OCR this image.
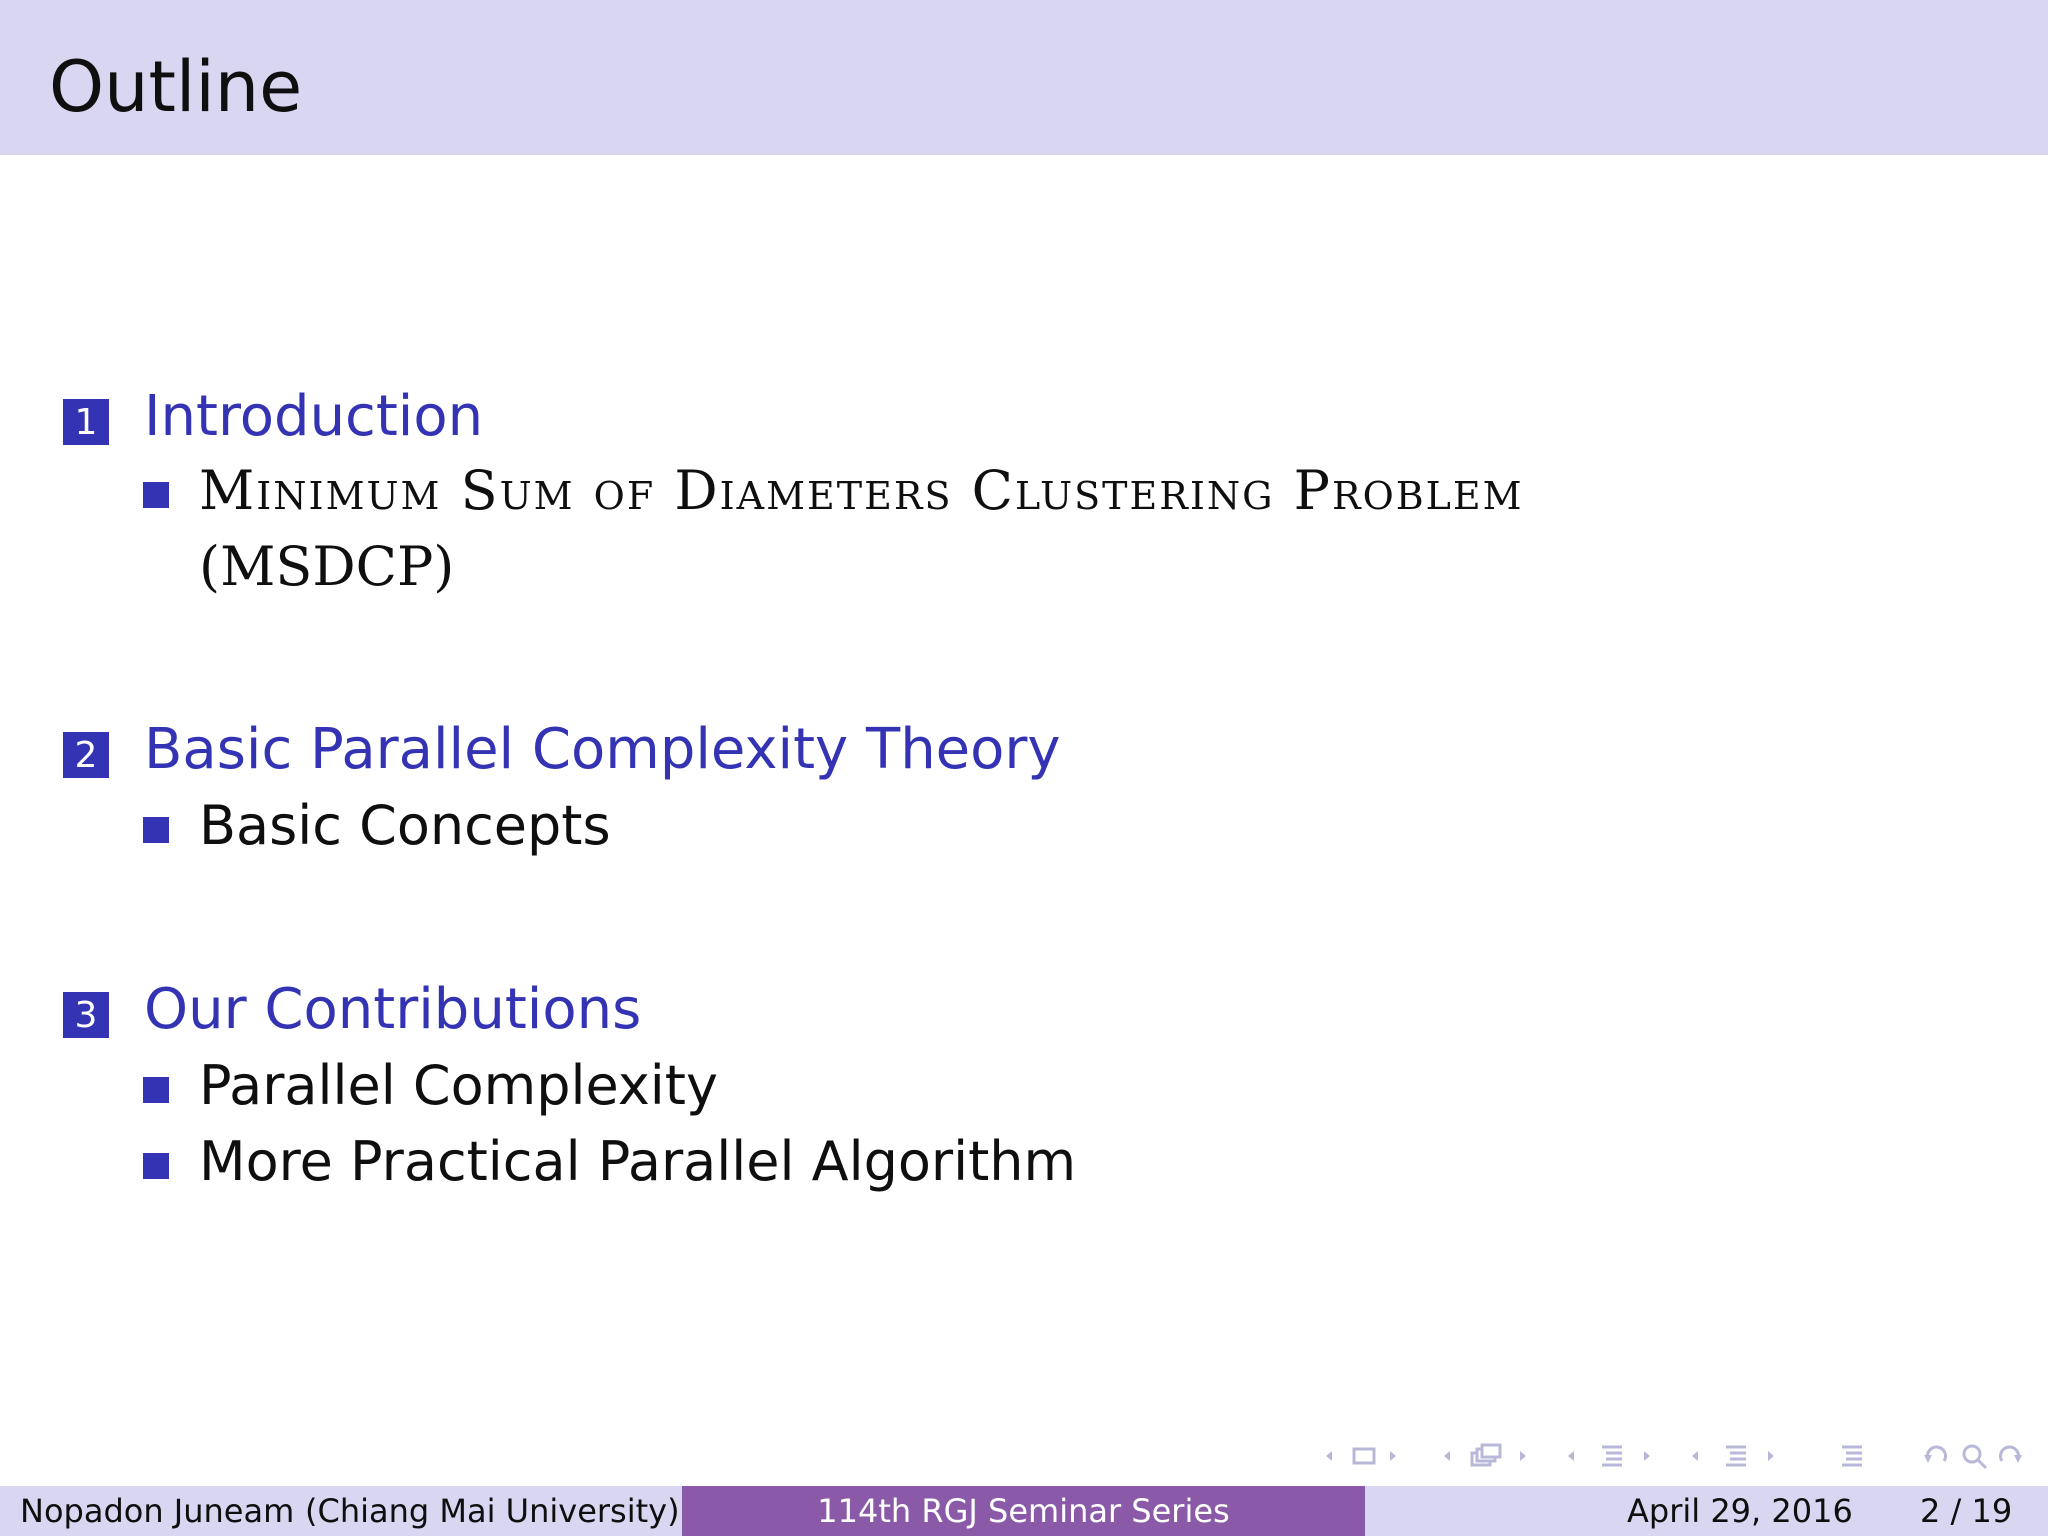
Outline
1 Introduction
Minimum Sum of Diameters Clustering Problem
(MSDCP)
2 Basic Parallel Complexity Theory
Basic Concepts
3 Our Contributions
Parallel Complexity
More Practical Parallel Algorithm
Nopadon Juneam (Chiang Mai University)	114th RGJ Seminar Series	April 29, 2016 2 / 19
